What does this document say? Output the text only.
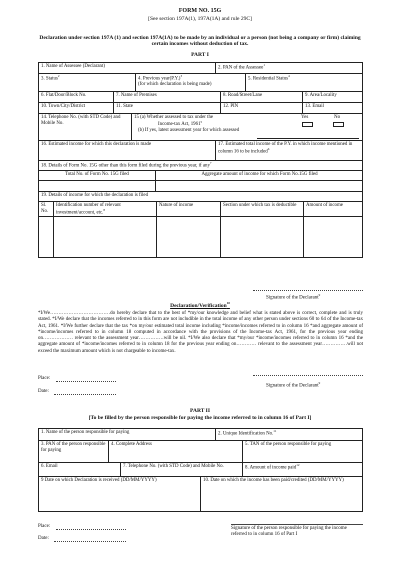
FORM NO. 15G
[See section 197A(1), 197A(1A) and rule 29C]
Declaration under section 197A (1) and section 197A(1A) to be made by an individual or a person (not being a company or firm) claiming certain incomes without deduction of tax.
PART I
1. Name of Assessee (Declarant)	2. PAN of the Assessee$^1$
3. Status$^2$
4. Previous $year(P.Y.)^3$
(for which declaration is being made)
5. Residential Status$^4$
6. Flat/Door/Block No.	7. Name of Premises	8. Road/Street/Lane	9. Area/Locality
10. Town/City/District	11. State	12. PIN	13. Email
14. Telephone No. (with STD Code) and Mobile No.
15 (a) Whether assessed to tax under the
Income-tax Act, 1961$^5$
(b) If yes, latest assessment year for which assessed
Yes	No
16. Estimated income for which this declaration is made	17. Estimated total income of the P.Y. in which income mentioned in column 16 to be included$^6$
18. Details of Form No. 15G other than this form filed during the previous year, if any$^7$
Total No. of Form No. 15G filed	Aggregate amount of income for which Form No.15G filed
19. Details of income for which the declaration is filed
Sl. No.
Identification number of relevant investment/account, etc.$^8$
Nature of income	Section under which tax is deductible	Amount of income
Signature of the Declarant$^9$
Declaration/Verification$^{10}$
*I/We………………………………do hereby declare that to the best of *my/our knowledge and belief what is stated above is correct, complete and is truly stated. *I/We declare that the incomes referred to in this form are not includible in the total income of any other person under sections 60 to 64 of the Income-tax Act, 1961. *I/We further declare that the tax *on my/our estimated total income including *income/incomes referred to in column 16 *and aggregate amount of *income/incomes referred to in column 18 computed in accordance with the provisions of the Income-tax Act, 1961, for the previous year ending on……………… relevant to the assessment year……………will be nil. *I/We also declare that *my/our *income/incomes referred to in column 16 *and the aggregate amount of *income/incomes referred to in column 18 for the previous year ending on………… relevant to the assessment year……………will not exceed the maximum amount which is not chargeable to income-tax.
Place:
Signature of the Declarant$^9$
Date:
PART II
[To be filled by the person responsible for paying the income referred to in column 16 of Part I]
1. Name of the person responsible for paying	2. Unique Identification No.$^{11}$
3. PAN of the person responsible for paying
4. Complete Address	5. TAN of the person responsible for paying
6. Email	7. Telephone No. (with STD Code) and Mobile No.	8. Amount of income paid$^{12}$
9 Date on which Declaration is received (DD/MM/YYYY)	10. Date on which the income has been paid/credited (DD/MM/YYYY)
Place:	Signature of the person responsible for paying the income referred to in column 16 of Part I
Date:
